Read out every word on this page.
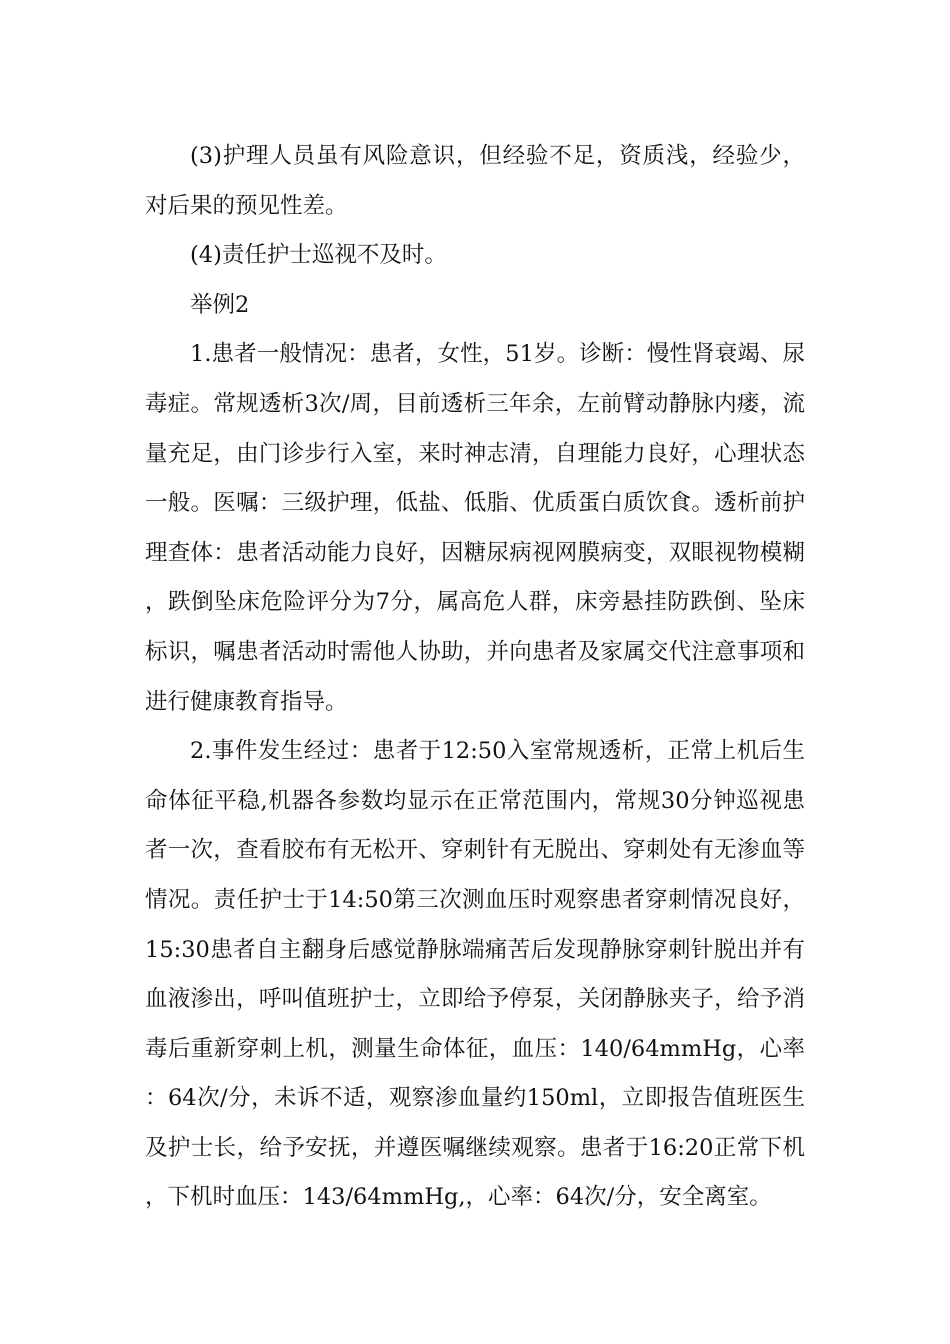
(3)护理人员虽有风险意识，但经验不足，资质浅，经验少，对后果的预见性差。

(4)责任护士巡视不及时。

举例2

1.患者一般情况：患者，女性，51岁。诊断：慢性肾衰竭、尿毒症。常规透析3次/周，目前透析三年余，左前臂动静脉内瘘，流量充足，由门诊步行入室，来时神志清，自理能力良好，心理状态一般。医嘱：三级护理，低盐、低脂、优质蛋白质饮食。透析前护理查体：患者活动能力良好，因糖尿病视网膜病变，双眼视物模糊，跌倒坠床危险评分为7分，属高危人群，床旁悬挂防跌倒、坠床标识，嘱患者活动时需他人协助，并向患者及家属交代注意事项和进行健康教育指导。

2.事件发生经过：患者于12:50入室常规透析，正常上机后生命体征平稳,机器各参数均显示在正常范围内，常规30分钟巡视患者一次，查看胶布有无松开、穿刺针有无脱出、穿刺处有无渗血等情况。责任护士于14:50第三次测血压时观察患者穿刺情况良好，15:30患者自主翻身后感觉静脉端痛苦后发现静脉穿刺针脱出并有血液渗出，呼叫值班护士，立即给予停泵，关闭静脉夹子，给予消毒后重新穿刺上机，测量生命体征，血压：140/64mmHg，心率：64次/分，未诉不适，观察渗血量约150ml，立即报告值班医生及护士长，给予安抚，并遵医嘱继续观察。患者于16:20正常下机，下机时血压：143/64mmHg,，心率：64次/分，安全离室。
